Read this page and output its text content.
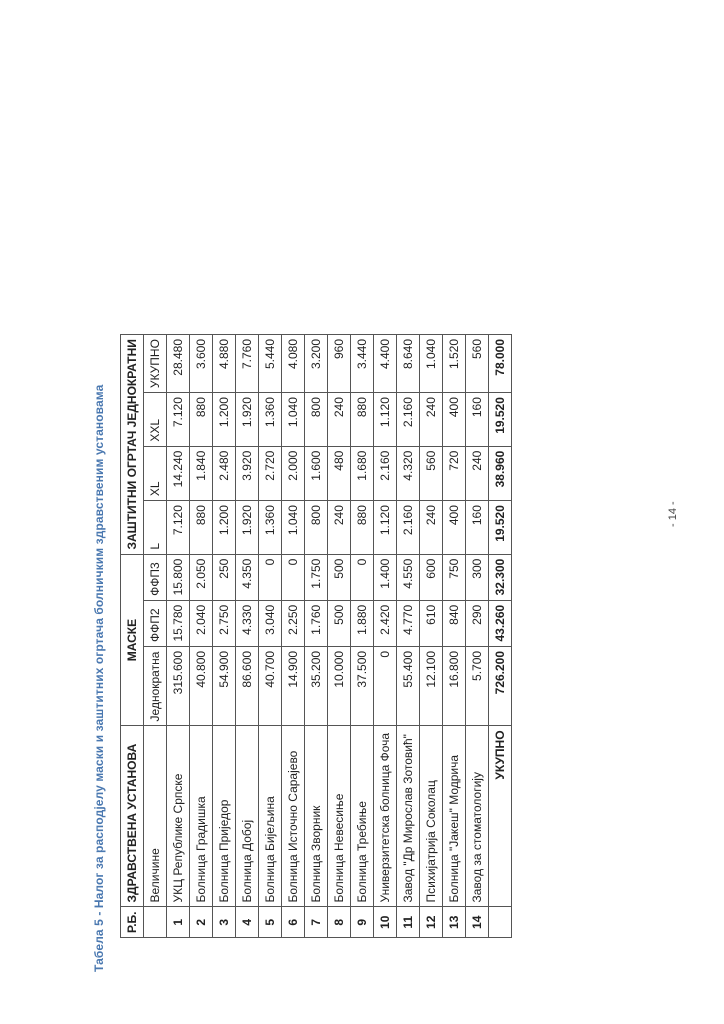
Табела 5 - Налог за расподјелу маски и заштитних огртача болничким здравственим установама Р.Б.	ЗДРАВСТВЕНА УСТАНОВА	МАСКЕ			ЗАШТИТНИ ОГРТАЧ ЈЕДНОКРАТНИ			
	Величине	Једнократна	ФФП2	ФФП3	L	XL	XXL	УКУПНО
1	УКЦ Републике Српске	315.600	15.780	15.800	7.120	14.240	7.120	28.480
2	Болница Градишка	40.800	2.040	2.050	880	1.840	880	3.600
3	Болница Приједор	54.900	2.750	250	1.200	2.480	1.200	4.880
4	Болница Добој	86.600	4.330	4.350	1.920	3.920	1.920	7.760
5	Болница Бијељина	40.700	3.040	0	1.360	2.720	1.360	5.440
6	Болница Источно Сарајево	14.900	2.250	0	1.040	2.000	1.040	4.080
7	Болница Зворник	35.200	1.760	1.750	800	1.600	800	3.200
8	Болница Невесиње	10.000	500	500	240	480	240	960
9	Болница Требиње	37.500	1.880	0	880	1.680	880	3.440
10	Универзитетска болница Фоча	0	2.420	1.400	1.120	2.160	1.120	4.400
11	Завод "Др Мирослав Зотовић"	55.400	4.770	4.550	2.160	4.320	2.160	8.640
12	Психијатрија Соколац	12.100	610	600	240	560	240	1.040
13	Болница "Јакеш" Модрича	16.800	840	750	400	720	400	1.520
14	Завод за стоматологију	5.700	290	300	160	240	160	560
	УКУПНО	726.200	43.260	32.300	19.520	38.960	19.520	78.000
- 14 -
